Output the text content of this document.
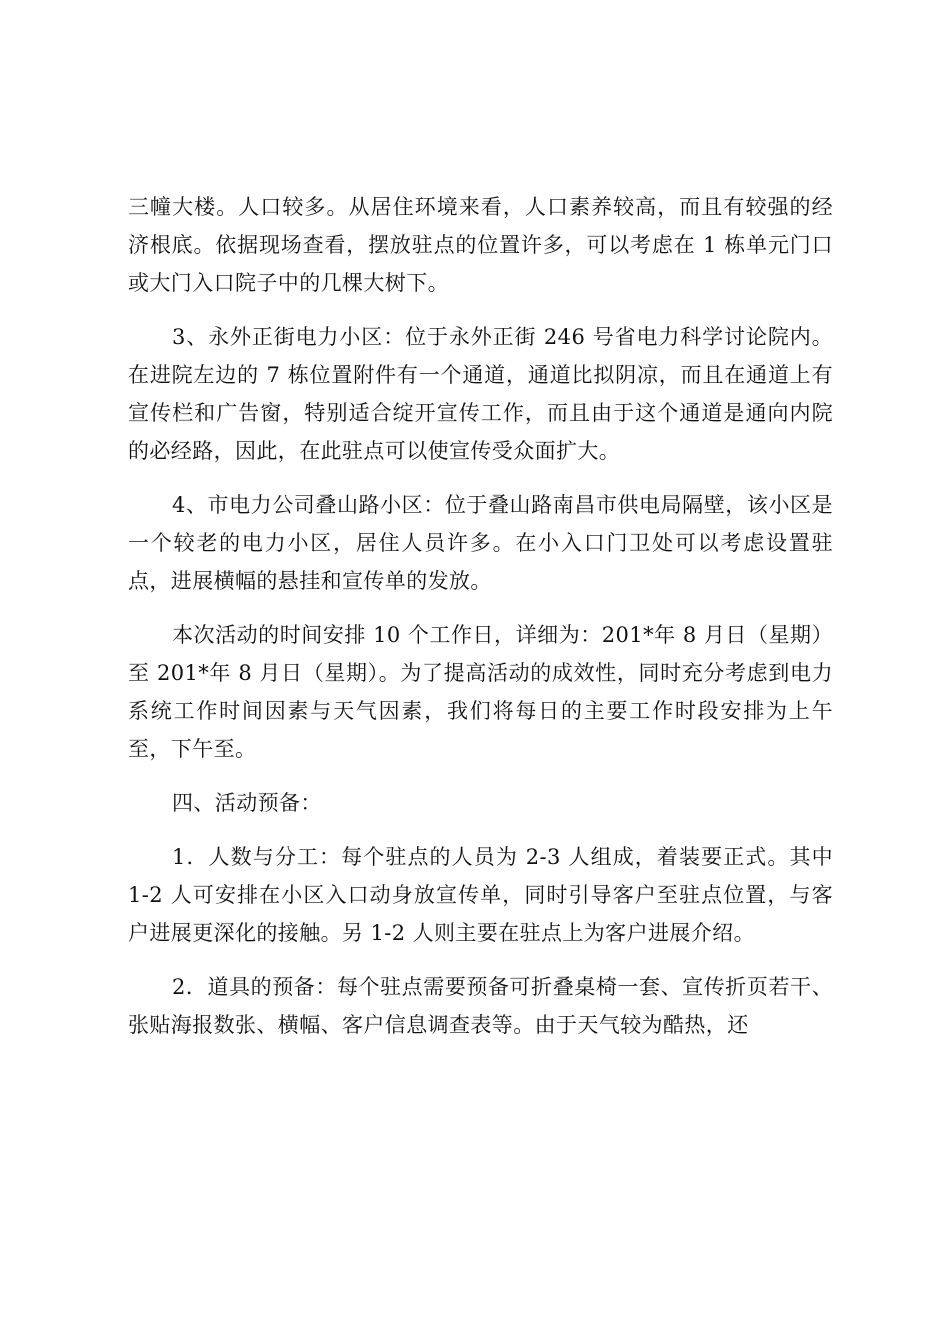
三幢大楼。人口较多。从居住环境来看，人口素养较高，而且有较强的经济根底。依据现场查看，摆放驻点的位置许多，可以考虑在 1 栋单元门口或大门入口院子中的几棵大树下。

3、永外正街电力小区：位于永外正街 246 号省电力科学讨论院内。在进院左边的 7 栋位置附件有一个通道，通道比拟阴凉，而且在通道上有宣传栏和广告窗，特别适合绽开宣传工作，而且由于这个通道是通向内院的必经路，因此，在此驻点可以使宣传受众面扩大。

4、市电力公司叠山路小区：位于叠山路南昌市供电局隔壁，该小区是一个较老的电力小区，居住人员许多。在小入口门卫处可以考虑设置驻点，进展横幅的悬挂和宣传单的发放。

本次活动的时间安排 10 个工作日，详细为：201*年 8 月日（星期）至 201*年 8 月日（星期）。为了提高活动的成效性，同时充分考虑到电力系统工作时间因素与天气因素，我们将每日的主要工作时段安排为上午至，下午至。

四、活动预备：

1．人数与分工：每个驻点的人员为 2-3 人组成，着装要正式。其中 1-2 人可安排在小区入口动身放宣传单，同时引导客户至驻点位置，与客户进展更深化的接触。另 1-2 人则主要在驻点上为客户进展介绍。

2．道具的预备：每个驻点需要预备可折叠桌椅一套、宣传折页若干、张贴海报数张、横幅、客户信息调查表等。由于天气较为酷热，还
